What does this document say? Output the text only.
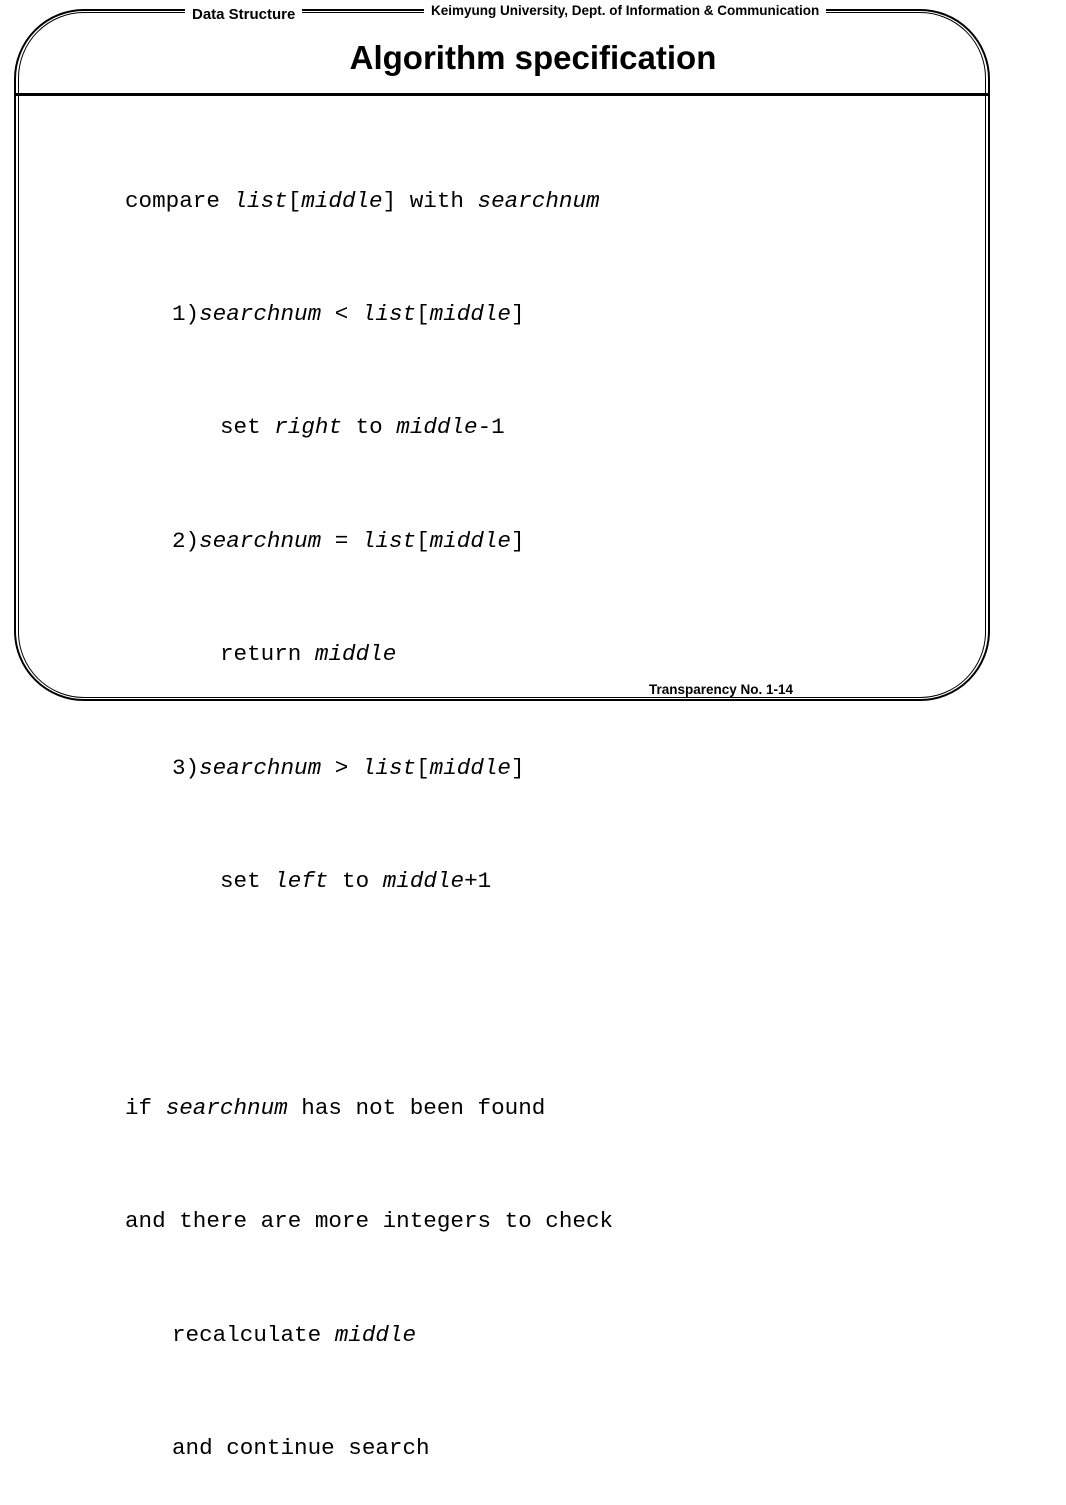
Data Structure	Keimyung University, Dept. of Information & Communication
Algorithm specification

compare list[middle] with searchnum

1)searchnum < list[middle]

set right to middle-1

2)searchnum = list[middle]

return middle

3)searchnum > list[middle]

set left to middle+1

if searchnum has not been found

and there are more integers to check

recalculate middle

and continue search

Transparency No. 1-14
